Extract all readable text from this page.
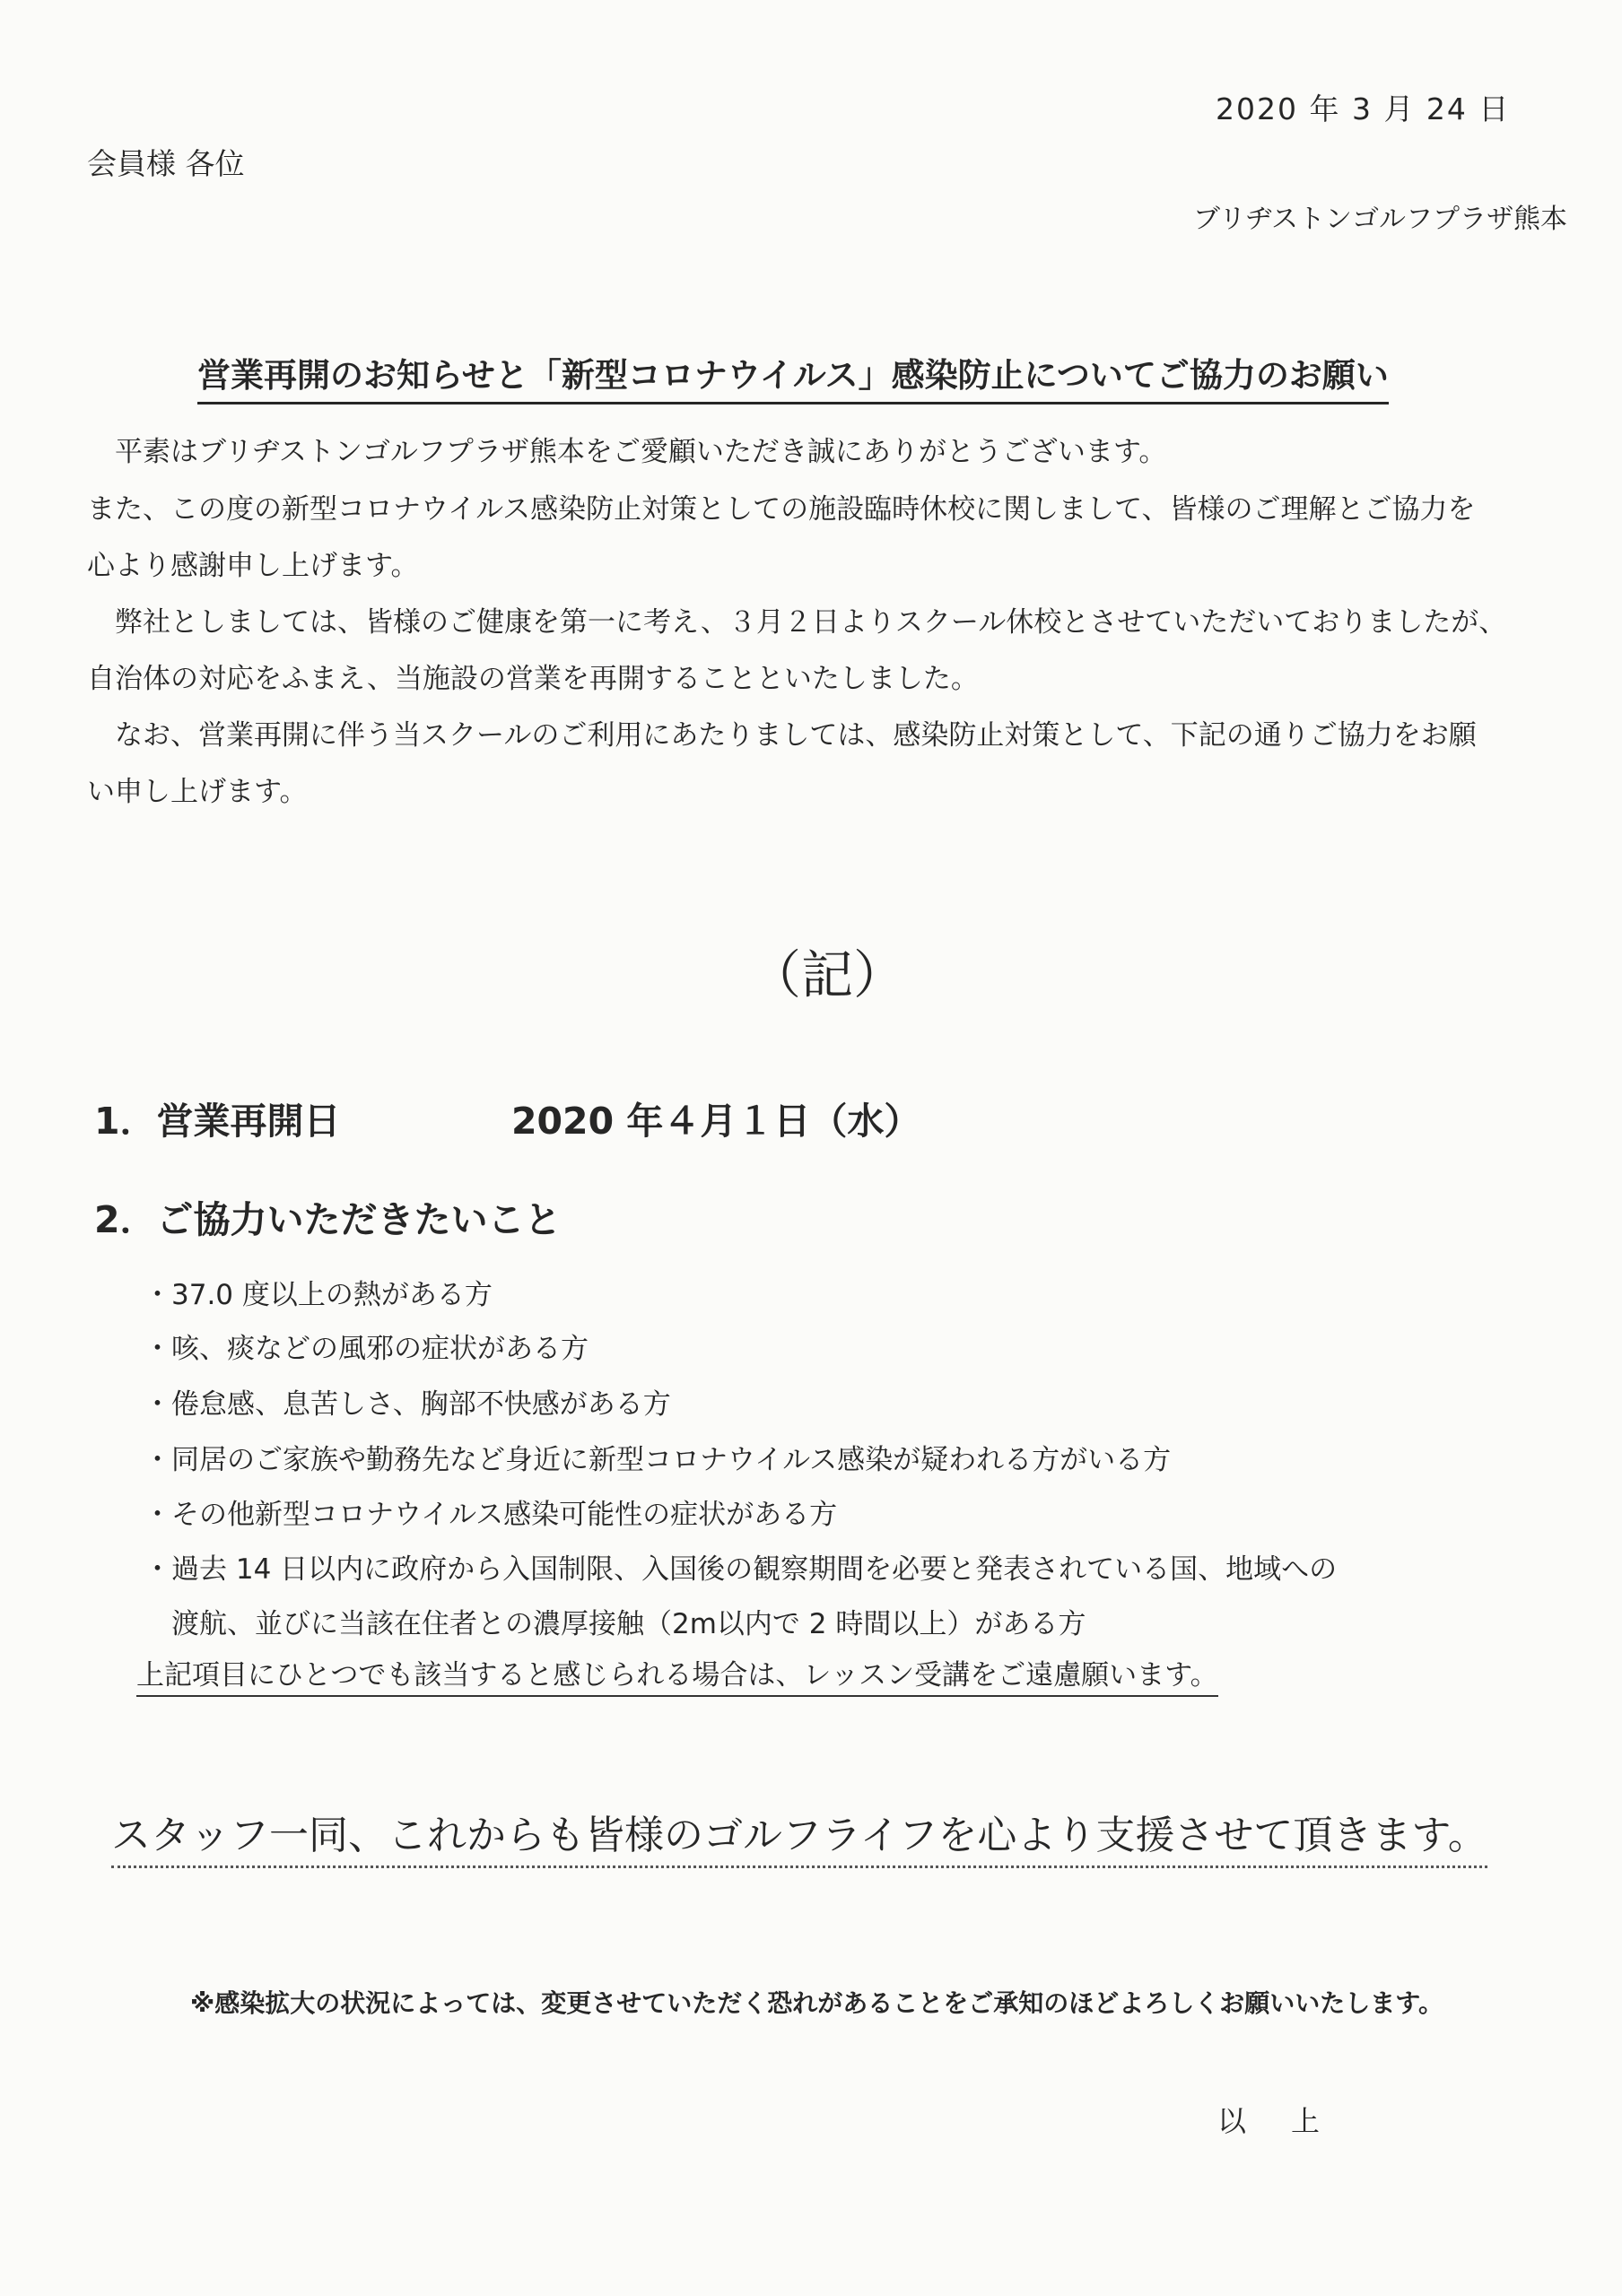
2020 年 3 月 24 日
会員様 各位
ブリヂストンゴルフプラザ熊本
営業再開のお知らせと「新型コロナウイルス」感染防止についてご協力のお願い
　平素はブリヂストンゴルフプラザ熊本をご愛顧いただき誠にありがとうございます。
また、この度の新型コロナウイルス感染防止対策としての施設臨時休校に関しまして、皆様のご理解とご協力を
心より感謝申し上げます。
　弊社としましては、皆様のご健康を第一に考え、３月２日よりスクール休校とさせていただいておりましたが、
自治体の対応をふまえ、当施設の営業を再開することといたしました。
　なお、営業再開に伴う当スクールのご利用にあたりましては、感染防止対策として、下記の通りご協力をお願
い申し上げます。
（記）
1．営業再開日	2020 年４月１日（水）
2．ご協力いただきたいこと
・37.0 度以上の熱がある方
・咳、痰などの風邪の症状がある方
・倦怠感、息苦しさ、胸部不快感がある方
・同居のご家族や勤務先など身近に新型コロナウイルス感染が疑われる方がいる方
・その他新型コロナウイルス感染可能性の症状がある方
・過去 14 日以内に政府から入国制限、入国後の観察期間を必要と発表されている国、地域への
　渡航、並びに当該在住者との濃厚接触（2m以内で 2 時間以上）がある方
上記項目にひとつでも該当すると感じられる場合は、レッスン受講をご遠慮願います。
スタッフ一同、これからも皆様のゴルフライフを心より支援させて頂きます。
※感染拡大の状況によっては、変更させていただく恐れがあることをご承知のほどよろしくお願いいたします。
以上
